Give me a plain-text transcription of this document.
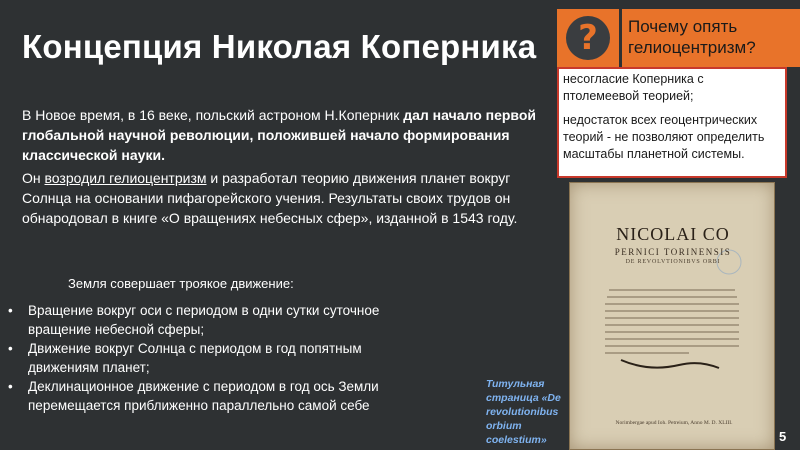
Концепция Николая Коперника
В Новое время, в 16 веке, польский астроном Н.Коперник дал начало первой глобальной научной революции, положившей начало формирования классической науки.
Он возродил гелиоцентризм и разработал теорию движения планет вокруг Солнца на основании пифагорейского учения. Результаты своих трудов он обнародовал в книге «О вращениях небесных сфер», изданной в 1543 году.
?	Почему опять гелиоцентризм?

несогласие Коперника с птолемеевой теорией;

недостаток всех геоцентрических теорий - не позволяют определить масштабы планетной системы.

NICOLAI CO
PERNICI TORINENSIS
DE REVOLVTIONIBVS ORBI
Norimbergae apud Ioh. Petreium, Anno M. D. XLIII.
Земля совершает троякое движение:
• Вращение вокруг оси с периодом в одни сутки суточное вращение небесной сферы;
• Движение вокруг Солнца с периодом в год попятным движениям планет;
• Деклинационное движение с периодом в год ось Земли перемещается приближенно параллельно самой себе
Титульная страница «De revolutionibus orbium coelestium»	5
